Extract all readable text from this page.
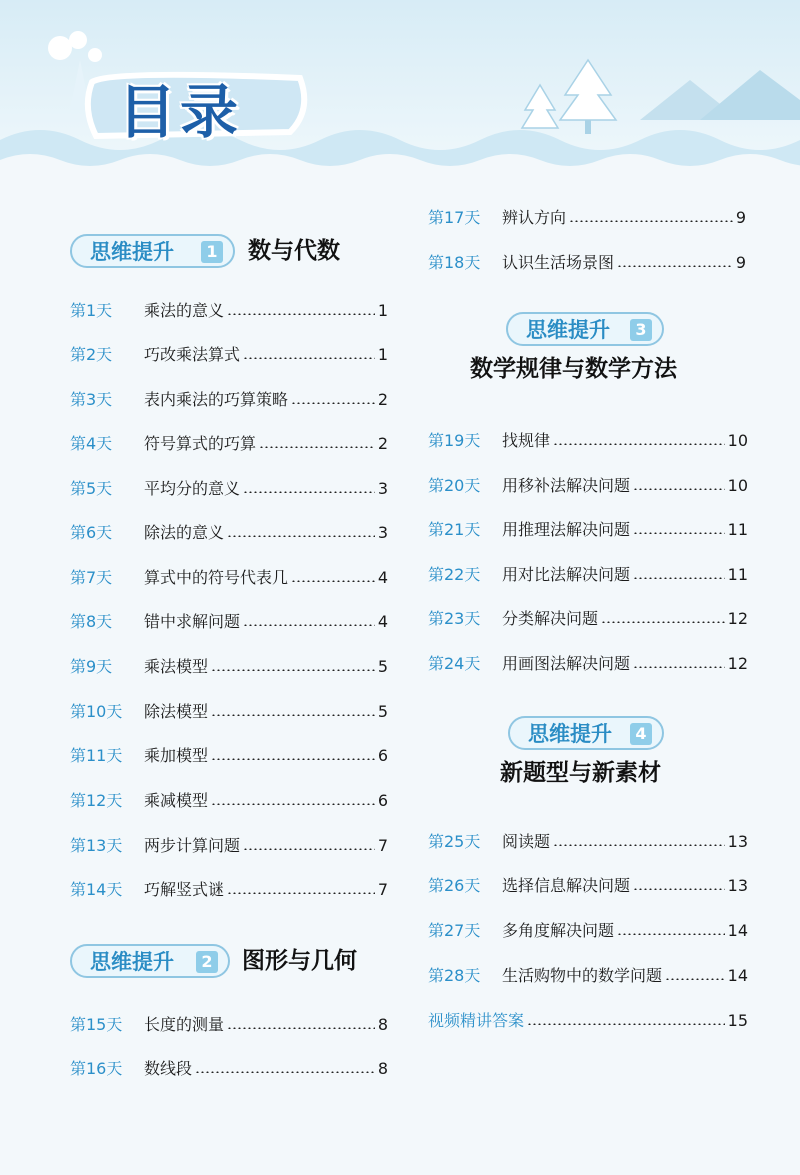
目录
思维提升	1 数与代数
第1天	乘法的意义	1
第2天	巧改乘法算式	1
第3天	表内乘法的巧算策略	2
第4天	符号算式的巧算	2
第5天	平均分的意义	3
第6天	除法的意义	3
第7天	算式中的符号代表几	4
第8天	错中求解问题	4
第9天	乘法模型	5
第10天	除法模型	5
第11天	乘加模型	6
第12天	乘减模型	6
第13天	两步计算问题	7
第14天	巧解竖式谜	7
思维提升	2 图形与几何
第15天	长度的测量	8
第16天	数线段	8
第17天	辨认方向	9
第18天	认识生活场景图	9
思维提升	3
数学规律与数学方法
第19天	找规律	10
第20天	用移补法解决问题	10
第21天	用推理法解决问题	11
第22天	用对比法解决问题	11
第23天	分类解决问题	12
第24天	用画图法解决问题	12
思维提升	4
新题型与新素材
第25天	阅读题	13
第26天	选择信息解决问题	13
第27天	多角度解决问题	14
第28天	生活购物中的数学问题	14
视频精讲答案	15
